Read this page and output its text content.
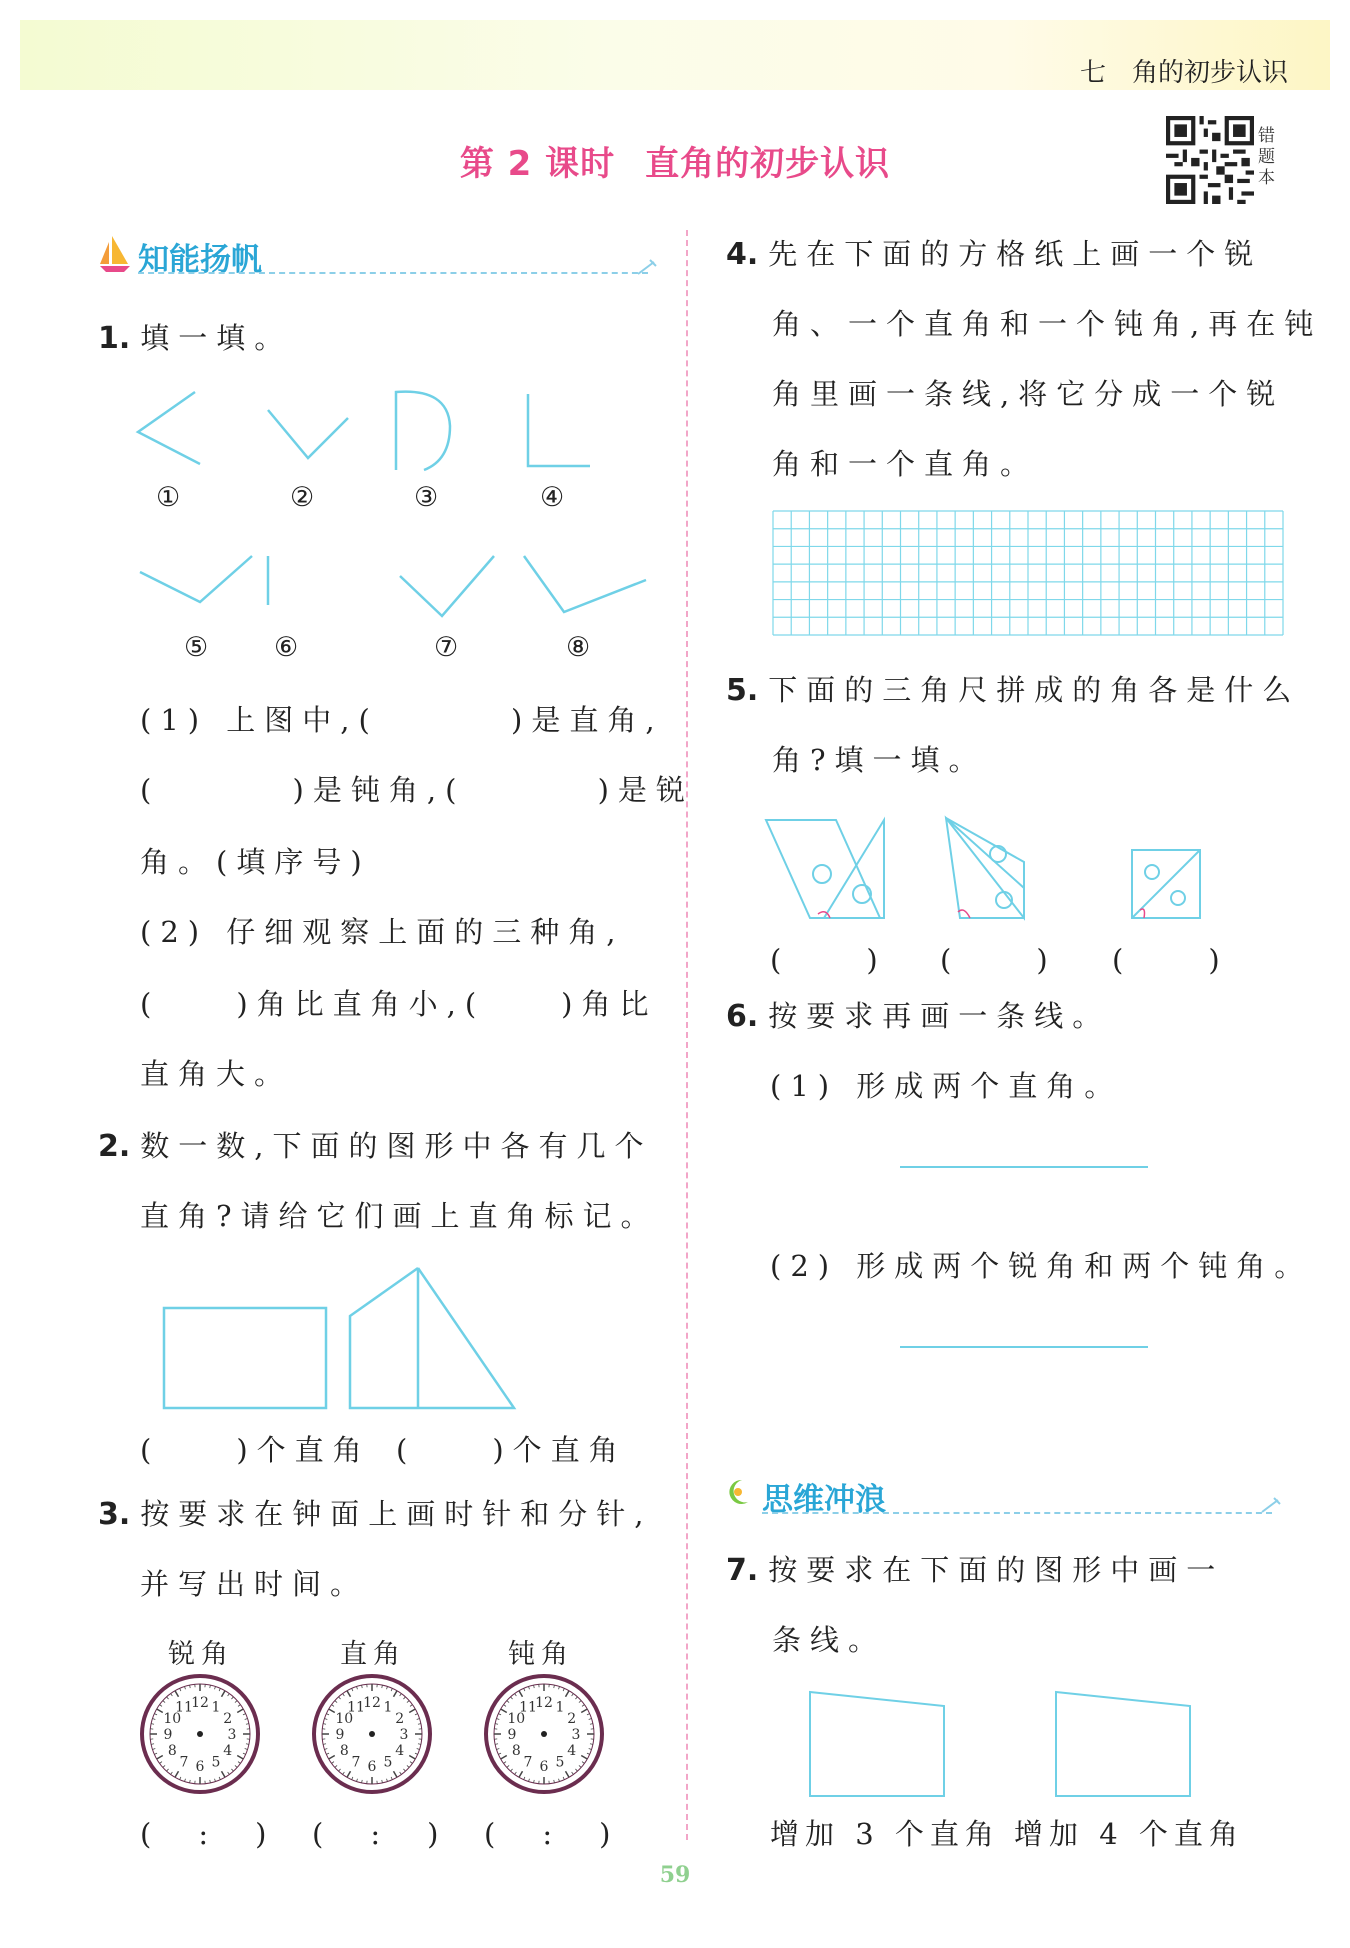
七　角的初步认识
第 2 课时 直角的初步认识
错
题
本
知能扬帆
1. 填一填。
①	②	③	④
⑤ ⑥	⑦	⑧
(1) 上图中,(　　　 )是直角,
(　　　 )是钝角,(　　　 )是锐
角。(填序号)
(2) 仔细观察上面的三种角,
(　　)角比直角小,(　　)角比
直角大。
2. 数一数,下面的图形中各有几个
直角?请给它们画上直角标记。
(　　)个直角 (　　)个直角
3. 按要求在钟面上画时针和分针,
并写出时间。
锐角	直角	钝角
12 1
2
3
4
5
6
7
8
9
10
11	12 1
2
3
4
5
6
7
8
9
10
11	12 1
2
3
4
5
6
7
8
9
10
11
(　:　) (　:　) (　:　)
4. 先在下面的方格纸上画一个锐
角、一个直角和一个钝角,再在钝
角里画一条线,将它分成一个锐
角和一个直角。
5. 下面的三角尺拼成的角各是什么
角?填一填。
(　　) (　　) (　　)
6. 按要求再画一条线。
(1) 形成两个直角。
(2) 形成两个锐角和两个钝角。
思维冲浪
7. 按要求在下面的图形中画一
条线。
增加 3 个直角 增加 4 个直角
59
